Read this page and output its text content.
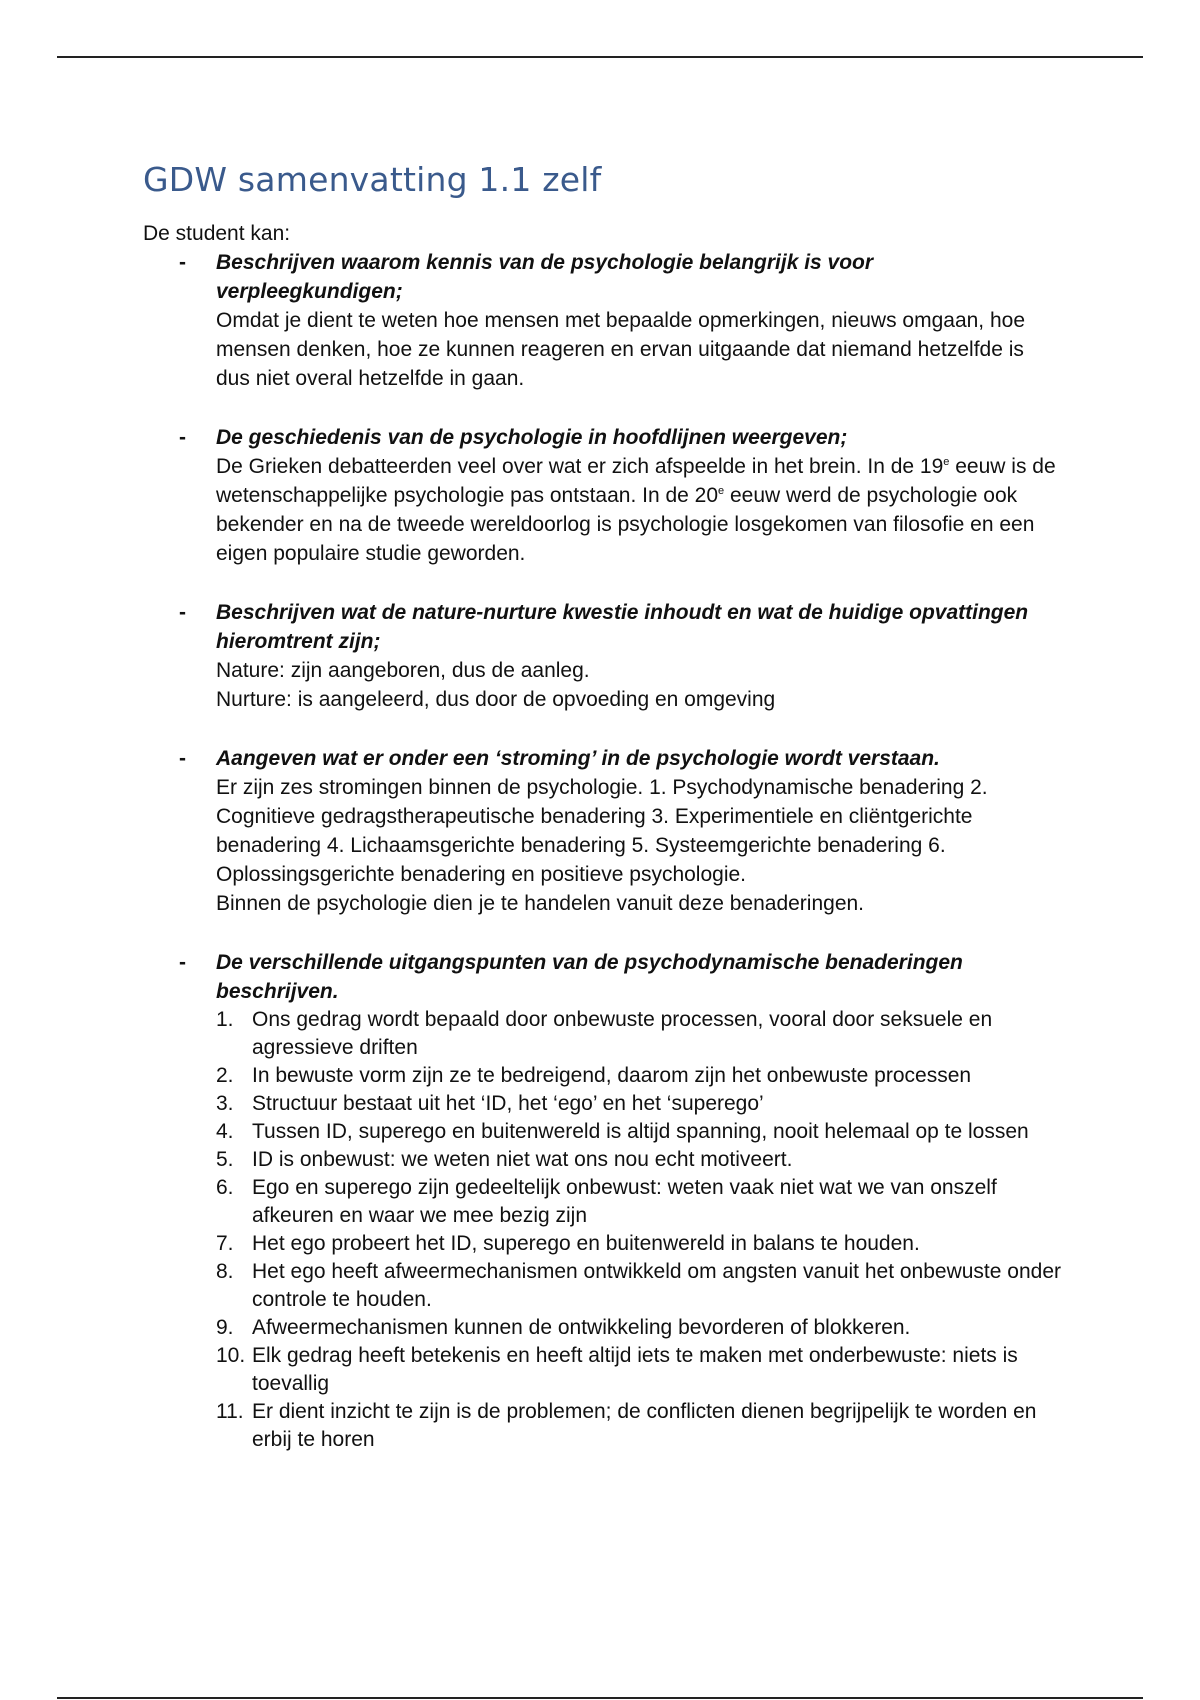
GDW samenvatting 1.1 zelf

De student kan:

- Beschrijven waarom kennis van de psychologie belangrijk is voor verpleegkundigen;

Omdat je dient te weten hoe mensen met bepaalde opmerkingen, nieuws omgaan, hoe mensen denken, hoe ze kunnen reageren en ervan uitgaande dat niemand hetzelfde is dus niet overal hetzelfde in gaan.

- De geschiedenis van de psychologie in hoofdlijnen weergeven;

De Grieken debatteerden veel over wat er zich afspeelde in het brein. In de 19e eeuw is de wetenschappelijke psychologie pas ontstaan. In de 20e eeuw werd de psychologie ook bekender en na de tweede wereldoorlog is psychologie losgekomen van filosofie en een eigen populaire studie geworden.

- Beschrijven wat de nature-nurture kwestie inhoudt en wat de huidige opvattingen hieromtrent zijn;

Nature: zijn aangeboren, dus de aanleg.

Nurture: is aangeleerd, dus door de opvoeding en omgeving

- Aangeven wat er onder een ‘stroming’ in de psychologie wordt verstaan.

Er zijn zes stromingen binnen de psychologie. 1. Psychodynamische benadering 2. Cognitieve gedragstherapeutische benadering 3. Experimentiele en cliëntgerichte benadering 4. Lichaamsgerichte benadering 5. Systeemgerichte benadering 6. Oplossingsgerichte benadering en positieve psychologie.

Binnen de psychologie dien je te handelen vanuit deze benaderingen.

- De verschillende uitgangspunten van de psychodynamische benaderingen beschrijven.

1. Ons gedrag wordt bepaald door onbewuste processen, vooral door seksuele en agressieve driften
2. In bewuste vorm zijn ze te bedreigend, daarom zijn het onbewuste processen
3. Structuur bestaat uit het ‘ID, het ‘ego’ en het ‘superego’
4. Tussen ID, superego en buitenwereld is altijd spanning, nooit helemaal op te lossen
5. ID is onbewust: we weten niet wat ons nou echt motiveert.
6. Ego en superego zijn gedeeltelijk onbewust: weten vaak niet wat we van onszelf afkeuren en waar we mee bezig zijn
7. Het ego probeert het ID, superego en buitenwereld in balans te houden.
8. Het ego heeft afweermechanismen ontwikkeld om angsten vanuit het onbewuste onder controle te houden.
9. Afweermechanismen kunnen de ontwikkeling bevorderen of blokkeren.
10. Elk gedrag heeft betekenis en heeft altijd iets te maken met onderbewuste: niets is toevallig
11. Er dient inzicht te zijn is de problemen; de conflicten dienen begrijpelijk te worden en erbij te horen
